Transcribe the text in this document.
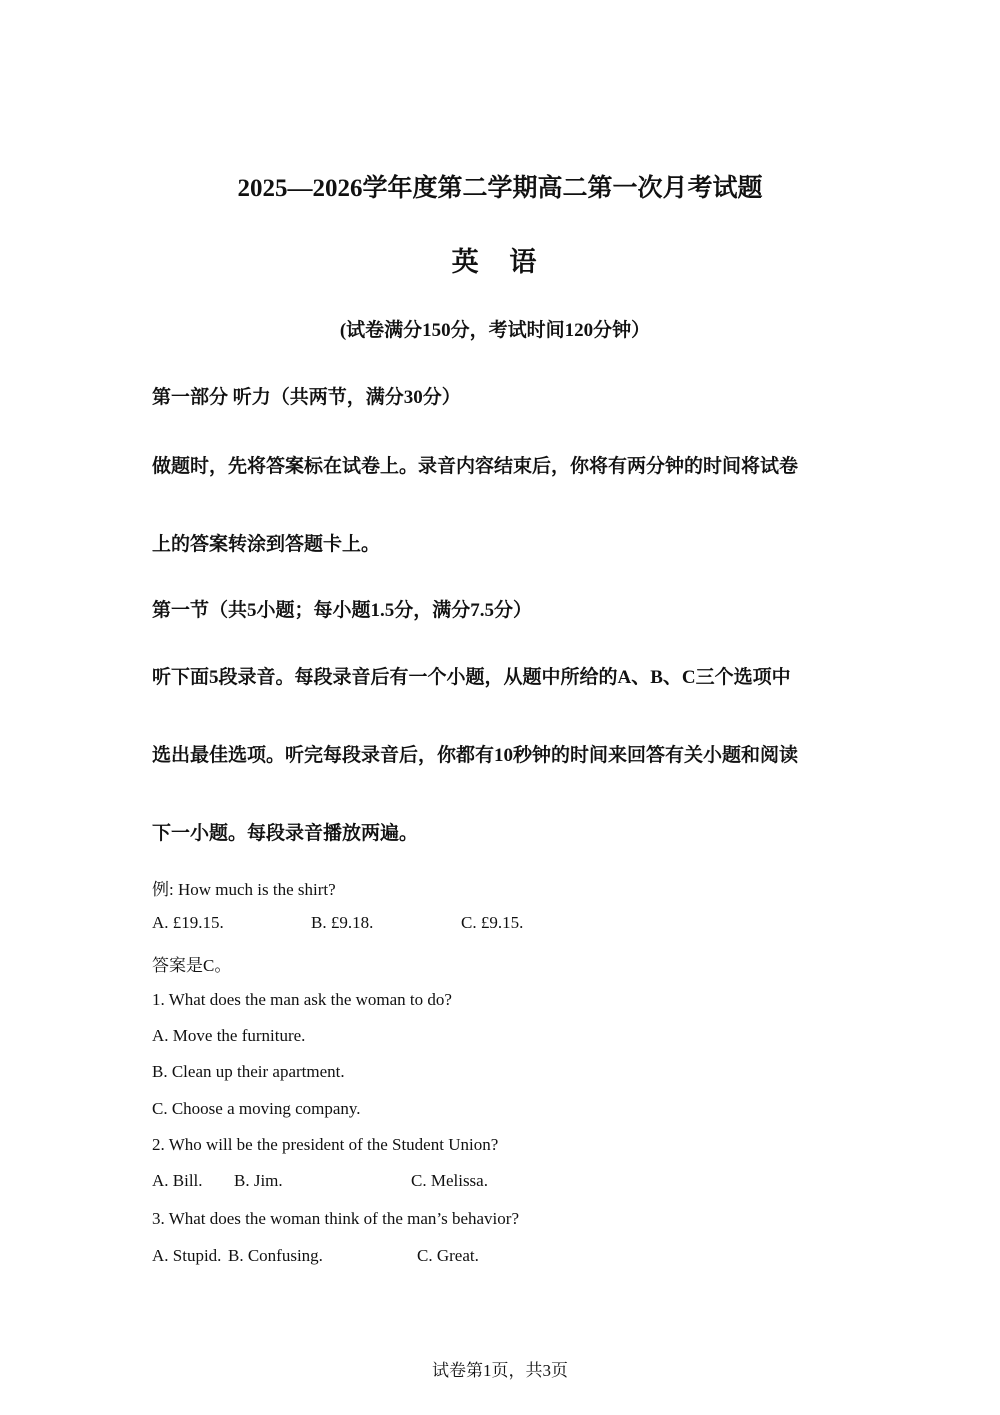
2025—2026学年度第二学期高二第一次月考试题
英 语
(试卷满分150分，考试时间120分钟）
第一部分 听力（共两节，满分30分）
做题时，先将答案标在试卷上。录音内容结束后，你将有两分钟的时间将试卷
上的答案转涂到答题卡上。
第一节（共5小题；每小题1.5分，满分7.5分）
听下面5段录音。每段录音后有一个小题，从题中所给的A、B、C三个选项中
选出最佳选项。听完每段录音后，你都有10秒钟的时间来回答有关小题和阅读
下一小题。每段录音播放两遍。
例: How much is the shirt?
A. £19.15.	B. £9.18.	C. £9.15.
答案是C。
1. What does the man ask the woman to do?
A. Move the furniture.
B. Clean up their apartment.
C. Choose a moving company.
2. Who will be the president of the Student Union?
A. Bill. B. Jim.	C. Melissa.
3. What does the woman think of the man’s behavior?
A. Stupid. B. Confusing.	C. Great.
试卷第1页，共3页
